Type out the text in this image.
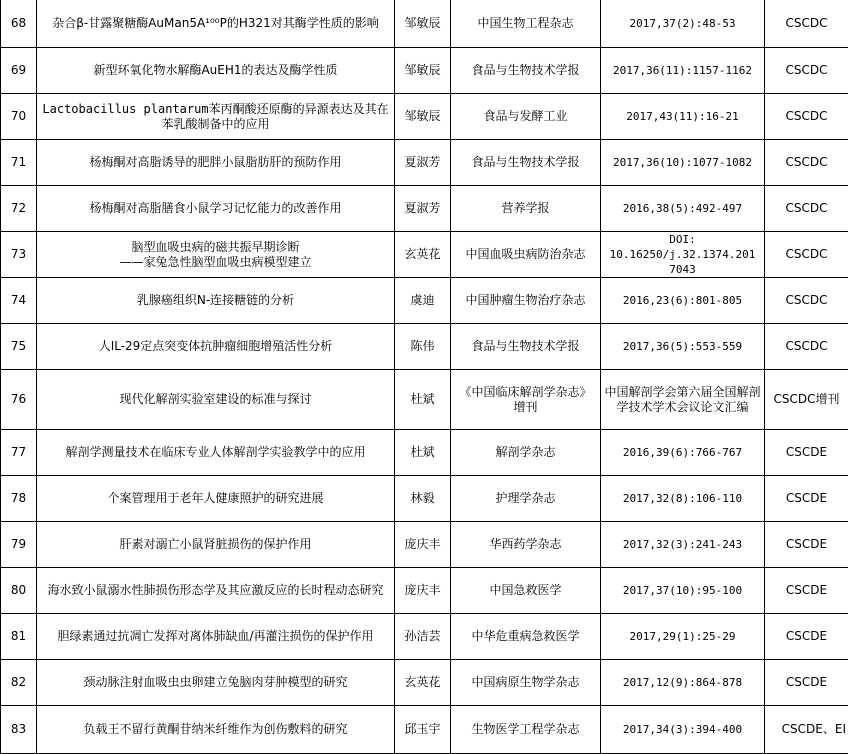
68	杂合β-甘露聚糖酶AuMan5A¹⁰⁰P的H321对其酶学性质的影响	邹敏辰	中国生物工程杂志	2017,37(2):48-53	CSCDC
69	新型环氧化物水解酶AuEH1的表达及酶学性质	邹敏辰	食品与生物技术学报	2017,36(11):1157-1162	CSCDC
70	Lactobacillus plantarum苯丙酮酸还原酶的异源表达及其在苯乳酸制备中的应用	邹敏辰	食品与发酵工业	2017,43(11):16-21	CSCDC
71	杨梅酮对高脂诱导的肥胖小鼠脂肪肝的预防作用	夏淑芳	食品与生物技术学报	2017,36(10):1077-1082	CSCDC
72	杨梅酮对高脂膳食小鼠学习记忆能力的改善作用	夏淑芳	营养学报	2016,38(5):492-497	CSCDC
73	脑型血吸虫病的磁共振早期诊断
——家兔急性脑型血吸虫病模型建立	玄英花	中国血吸虫病防治杂志	DOI:
10.16250/j.32.1374.201
7043	CSCDC
74	乳腺癌组织N-连接糖链的分析	虞迪	中国肿瘤生物治疗杂志	2016,23(6):801-805	CSCDC
75	人IL-29定点突变体抗肿瘤细胞增殖活性分析	陈伟	食品与生物技术学报	2017,36(5):553-559	CSCDC
76	现代化解剖实验室建设的标准与探讨	杜斌	《中国临床解剖学杂志》
增刊	中国解剖学会第六届全国解剖学技术学术会议论文汇编	CSCDC增刊
77	解剖学测量技术在临床专业人体解剖学实验教学中的应用	杜斌	解剖学杂志	2016,39(6):766-767	CSCDE
78	个案管理用于老年人健康照护的研究进展	林毅	护理学杂志	2017,32(8):106-110	CSCDE
79	肝素对溺亡小鼠肾脏损伤的保护作用	庞庆丰	华西药学杂志	2017,32(3):241-243	CSCDE
80	海水致小鼠溺水性肺损伤形态学及其应激反应的长时程动态研究	庞庆丰	中国急救医学	2017,37(10):95-100	CSCDE
81	胆绿素通过抗凋亡发挥对离体肺缺血/再灌注损伤的保护作用	孙洁芸	中华危重病急救医学	2017,29(1):25-29	CSCDE
82	颈动脉注射血吸虫虫卵建立兔脑肉芽肿模型的研究	玄英花	中国病原生物学杂志	2017,12(9):864-878	CSCDE
83	负载王不留行黄酮苷纳米纤维作为创伤敷料的研究	邱玉宇	生物医学工程学杂志	2017,34(3):394-400	CSCDE、EI
